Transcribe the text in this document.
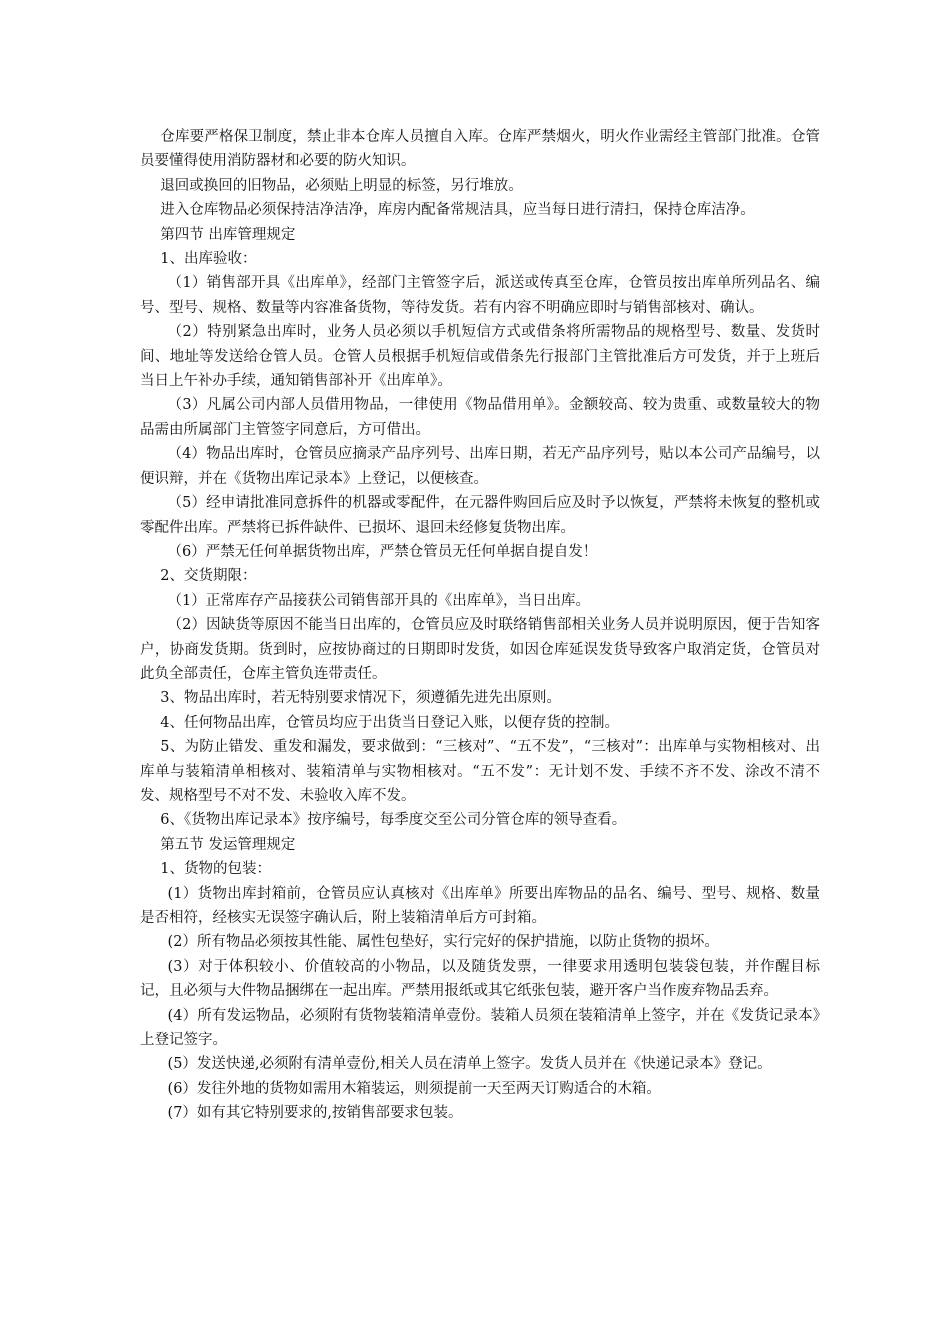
仓库要严格保卫制度，禁止非本仓库人员擅自入库。仓库严禁烟火，明火作业需经主管部门批准。仓管员要懂得使用消防器材和必要的防火知识。

退回或换回的旧物品，必须贴上明显的标签，另行堆放。

进入仓库物品必须保持洁净洁净，库房内配备常规洁具，应当每日进行清扫，保持仓库洁净。

第四节 出库管理规定

1、出库验收：

（1）销售部开具《出库单》，经部门主管签字后，派送或传真至仓库，仓管员按出库单所列品名、编号、型号、规格、数量等内容准备货物，等待发货。若有内容不明确应即时与销售部核对、确认。

（2）特别紧急出库时，业务人员必须以手机短信方式或借条将所需物品的规格型号、数量、发货时间、地址等发送给仓管人员。仓管人员根据手机短信或借条先行报部门主管批准后方可发货，并于上班后当日上午补办手续，通知销售部补开《出库单》。

（3）凡属公司内部人员借用物品，一律使用《物品借用单》。金额较高、较为贵重、或数量较大的物品需由所属部门主管签字同意后，方可借出。

（4）物品出库时，仓管员应摘录产品序列号、出库日期，若无产品序列号，贴以本公司产品编号，以便识辩，并在《货物出库记录本》上登记，以便核查。

（5）经申请批准同意拆件的机器或零配件，在元器件购回后应及时予以恢复，严禁将未恢复的整机或零配件出库。严禁将已拆件缺件、已损坏、退回未经修复货物出库。

（6）严禁无任何单据货物出库，严禁仓管员无任何单据自提自发！

2、交货期限：

（1）正常库存产品接获公司销售部开具的《出库单》，当日出库。

（2）因缺货等原因不能当日出库的，仓管员应及时联络销售部相关业务人员并说明原因，便于告知客户，协商发货期。货到时，应按协商过的日期即时发货，如因仓库延误发货导致客户取消定货，仓管员对此负全部责任，仓库主管负连带责任。

3、物品出库时，若无特别要求情况下，须遵循先进先出原则。

4、任何物品出库，仓管员均应于出货当日登记入账，以便存货的控制。

5、为防止错发、重发和漏发，要求做到：“三核对”、“五不发”，“三核对”：出库单与实物相核对、出库单与装箱清单相核对、装箱清单与实物相核对。“五不发”：无计划不发、手续不齐不发、涂改不清不发、规格型号不对不发、未验收入库不发。

6、《货物出库记录本》按序编号，每季度交至公司分管仓库的领导查看。

第五节 发运管理规定

1、货物的包装：

(1）货物出库封箱前，仓管员应认真核对《出库单》所要出库物品的品名、编号、型号、规格、数量是否相符，经核实无误签字确认后，附上装箱清单后方可封箱。

(2）所有物品必须按其性能、属性包垫好，实行完好的保护措施，以防止货物的损坏。

(3）对于体积较小、价值较高的小物品，以及随货发票，一律要求用透明包装袋包装，并作醒目标记，且必须与大件物品捆绑在一起出库。严禁用报纸或其它纸张包装，避开客户当作废弃物品丢弃。

(4）所有发运物品，必须附有货物装箱清单壹份。装箱人员须在装箱清单上签字，并在《发货记录本》上登记签字。

(5）发送快递,必须附有清单壹份,相关人员在清单上签字。发货人员并在《快递记录本》登记。

(6）发往外地的货物如需用木箱装运，则须提前一天至两天订购适合的木箱。

(7）如有其它特别要求的,按销售部要求包装。
